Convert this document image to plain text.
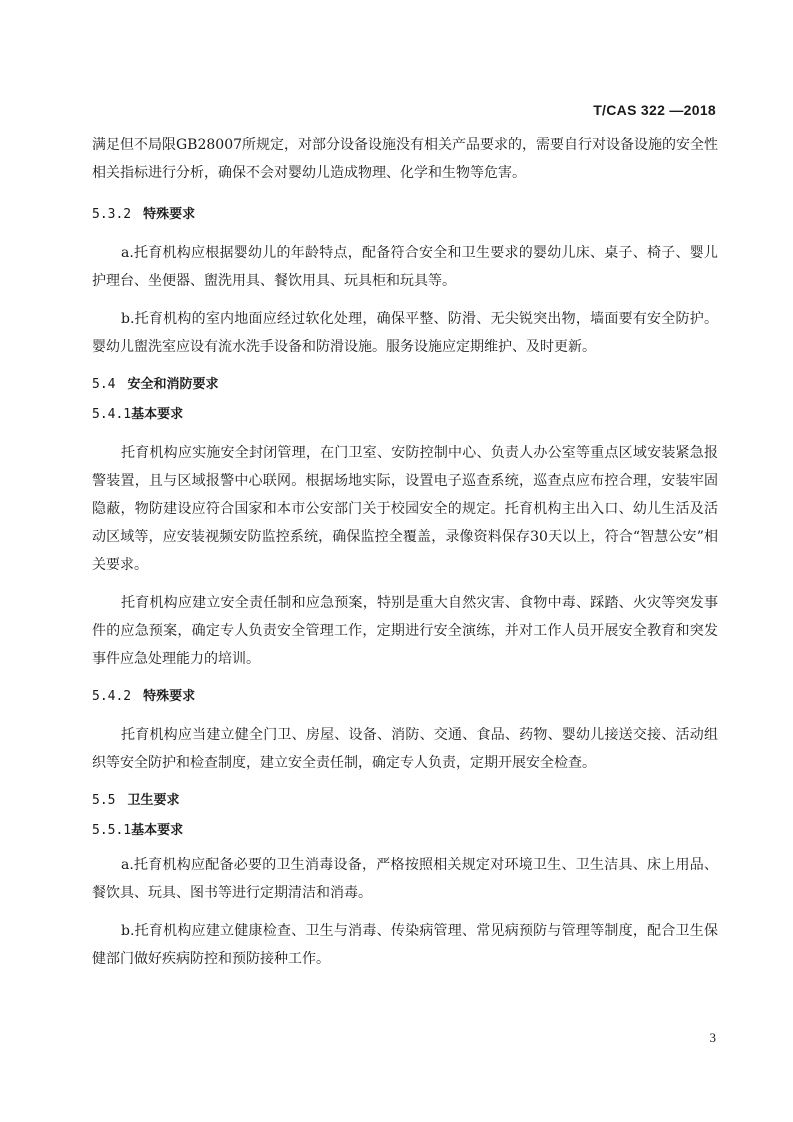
T/CAS 322 —2018

满足但不局限GB28007所规定，对部分设备设施没有相关产品要求的，需要自行对设备设施的安全性相关指标进行分析，确保不会对婴幼儿造成物理、化学和生物等危害。

5.3.2 特殊要求

a.托育机构应根据婴幼儿的年龄特点，配备符合安全和卫生要求的婴幼儿床、桌子、椅子、婴儿护理台、坐便器、盥洗用具、餐饮用具、玩具柜和玩具等。

b.托育机构的室内地面应经过软化处理，确保平整、防滑、无尖锐突出物，墙面要有安全防护。婴幼儿盥洗室应设有流水洗手设备和防滑设施。服务设施应定期维护、及时更新。

5.4 安全和消防要求
5.4.1基本要求

托育机构应实施安全封闭管理，在门卫室、安防控制中心、负责人办公室等重点区域安装紧急报警装置，且与区域报警中心联网。根据场地实际，设置电子巡查系统，巡查点应布控合理，安装牢固隐蔽，物防建设应符合国家和本市公安部门关于校园安全的规定。托育机构主出入口、幼儿生活及活动区域等，应安装视频安防监控系统，确保监控全覆盖，录像资料保存30天以上，符合“智慧公安”相关要求。

托育机构应建立安全责任制和应急预案，特别是重大自然灾害、食物中毒、踩踏、火灾等突发事件的应急预案，确定专人负责安全管理工作，定期进行安全演练，并对工作人员开展安全教育和突发事件应急处理能力的培训。

5.4.2 特殊要求

托育机构应当建立健全门卫、房屋、设备、消防、交通、食品、药物、婴幼儿接送交接、活动组织等安全防护和检查制度，建立安全责任制，确定专人负责，定期开展安全检查。

5.5 卫生要求
5.5.1基本要求

a.托育机构应配备必要的卫生消毒设备，严格按照相关规定对环境卫生、卫生洁具、床上用品、餐饮具、玩具、图书等进行定期清洁和消毒。

b.托育机构应建立健康检查、卫生与消毒、传染病管理、常见病预防与管理等制度，配合卫生保健部门做好疾病防控和预防接种工作。

3
